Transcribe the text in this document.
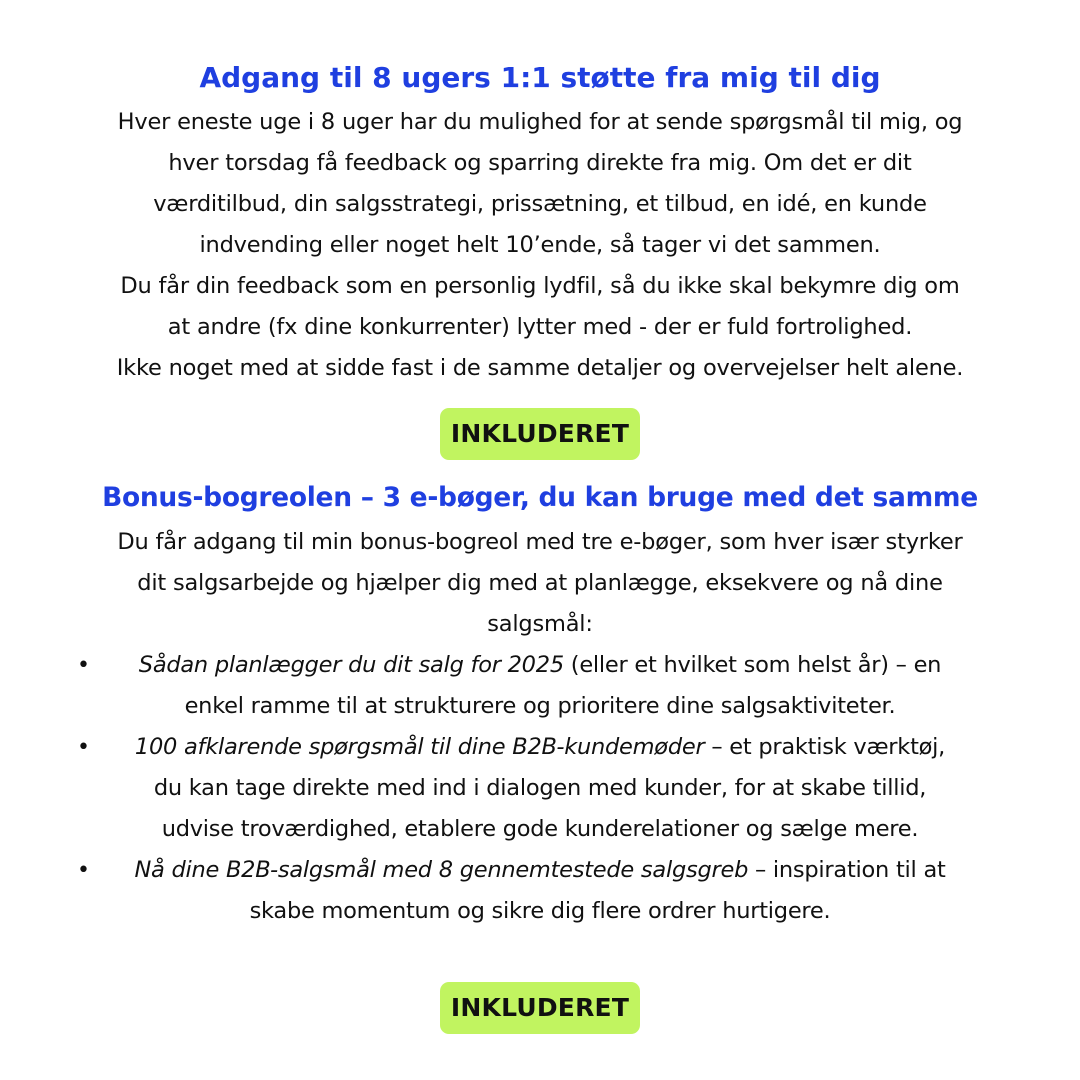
Adgang til 8 ugers 1:1 støtte fra mig til dig

Hver eneste uge i 8 uger har du mulighed for at sende spørgsmål til mig, og

hver torsdag få feedback og sparring direkte fra mig. Om det er dit

værditilbud, din salgsstrategi, prissætning, et tilbud, en idé, en kunde

indvending eller noget helt 10’ende, så tager vi det sammen.

Du får din feedback som en personlig lydfil, så du ikke skal bekymre dig om

at andre (fx dine konkurrenter) lytter med - der er fuld fortrolighed.

Ikke noget med at sidde fast i de samme detaljer og overvejelser helt alene.

INKLUDERET
Bonus-bogreolen – 3 e-bøger, du kan bruge med det samme

Du får adgang til min bonus-bogreol med tre e-bøger, som hver især styrker

dit salgsarbejde og hjælper dig med at planlægge, eksekvere og nå dine

salgsmål:

•	Sådan planlægger du dit salg for 2025 (eller et hvilket som helst år) – en
enkel ramme til at strukturere og prioritere dine salgsaktiviteter.
•	100 afklarende spørgsmål til dine B2B-kundemøder – et praktisk værktøj,
du kan tage direkte med ind i dialogen med kunder, for at skabe tillid,
udvise troværdighed, etablere gode kunderelationer og sælge mere.
•	Nå dine B2B-salgsmål med 8 gennemtestede salgsgreb – inspiration til at
skabe momentum og sikre dig flere ordrer hurtigere.
INKLUDERET
